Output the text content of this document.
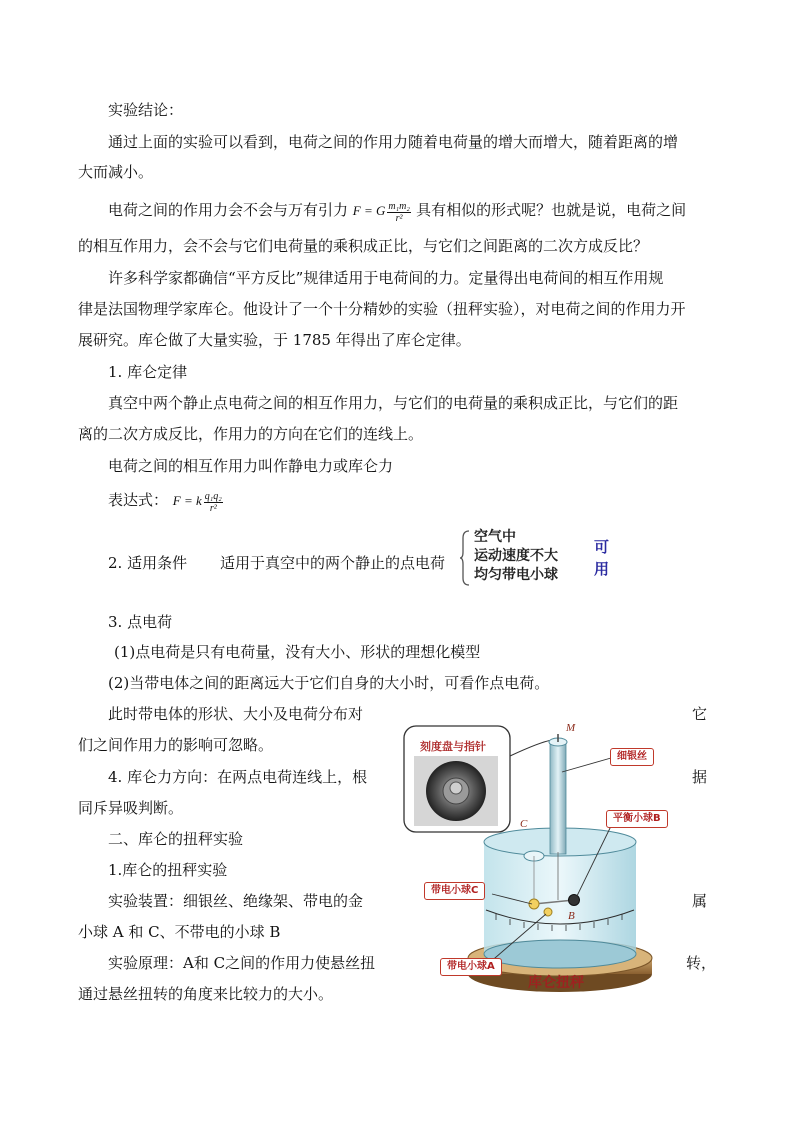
实验结论：
通过上面的实验可以看到，电荷之间的作用力随着电荷量的增大而增大，随着距离的增
大而减小。
电荷之间的作用力会不会与万有引力 F = G $\frac{\text{m₁m₂}}{\text{r²}}$ 具有相似的形式呢？也就是说，电荷之间
的相互作用力，会不会与它们电荷量的乘积成正比，与它们之间距离的二次方成反比？
许多科学家都确信“平方反比”规律适用于电荷间的力。定量得出电荷间的相互作用规
律是法国物理学家库仑。他设计了一个十分精妙的实验（扭秤实验），对电荷之间的作用力开
展研究。库仑做了大量实验，于 1785 年得出了库仑定律。
1. 库仑定律
真空中两个静止点电荷之间的相互作用力，与它们的电荷量的乘积成正比，与它们的距
离的二次方成反比，作用力的方向在它们的连线上。
电荷之间的相互作用力叫作静电力或库仑力
表达式： F = k $\frac{\text{q₁q₂}}{\text{r²}}$
2. 适用条件 适用于真空中的两个静止的点电荷
空气中
运动速度不大
均匀带电小球
可
用
3. 点电荷
(1)点电荷是只有电荷量，没有大小、形状的理想化模型
(2)当带电体之间的距离远大于它们自身的大小时，可看作点电荷。
此时带电体的形状、大小及电荷分布对	它
们之间作用力的影响可忽略。
4. 库仑力方向：在两点电荷连线上，根	据
同斥异吸判断。
二、库仑的扭秤实验
1.库仑的扭秤实验
实验装置：细银丝、绝缘架、带电的金	属
小球 A 和 C、不带电的小球 B
实验原理：A和 C之间的作用力使悬丝扭	转，
通过悬丝扭转的角度来比较力的大小。
刻度盘与指针
细银丝
平衡小球B
带电小球C
带电小球A
M
C
B
库仑扭秤
